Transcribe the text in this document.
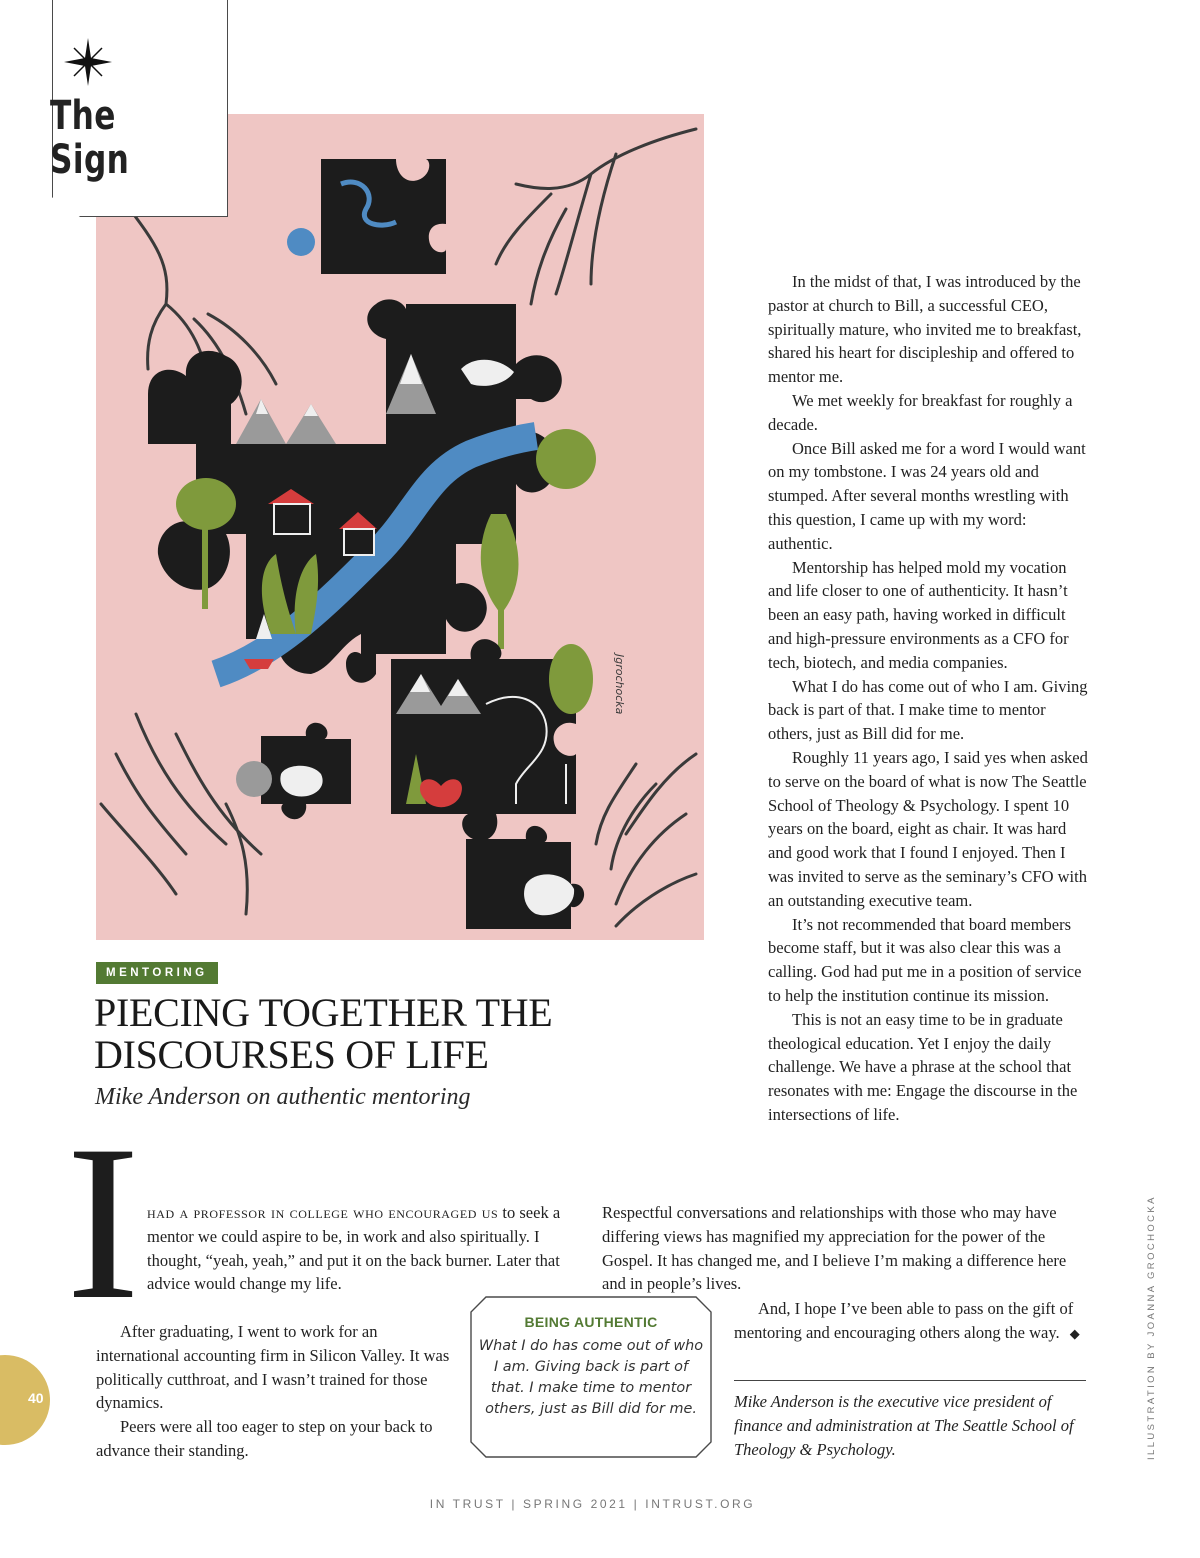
Jgrochocka
The Sign
MENTORING
PIECING TOGETHER THE
DISCOURSES OF LIFE
Mike Anderson on authentic mentoring
I had a professor in college who encouraged us to seek a mentor we could aspire to be, in work and also spiritually. I thought, “yeah, yeah,” and put it on the back burner. Later that advice would change my life.

After graduating, I went to work for an international accounting firm in Silicon Valley. It was politically cutthroat, and I wasn’t trained for those dynamics.

Peers were all too eager to step on your back to advance their standing.

In the midst of that, I was introduced by the pastor at church to Bill, a successful CEO, spiritually mature, who invited me to breakfast, shared his heart for discipleship and offered to mentor me.

We met weekly for breakfast for roughly a decade.

Once Bill asked me for a word I would want on my tombstone. I was 24 years old and stumped. After several months wrestling with this question, I came up with my word: authentic.

Mentorship has helped mold my vocation and life closer to one of authenticity. It hasn’t been an easy path, having worked in difficult and high-pressure environments as a CFO for tech, biotech, and media companies.

What I do has come out of who I am. Giving back is part of that. I make time to mentor others, just as Bill did for me.

Roughly 11 years ago, I said yes when asked to serve on the board of what is now The Seattle School of Theology & Psychology. I spent 10 years on the board, eight as chair. It was hard and good work that I found I enjoyed. Then I was invited to serve as the seminary’s CFO with an outstanding executive team.

It’s not recommended that board members become staff, but it was also clear this was a calling. God had put me in a position of service to help the institution continue its mission.

This is not an easy time to be in graduate theological education. Yet I enjoy the daily challenge. We have a phrase at the school that resonates with me: Engage the discourse in the intersections of life.

Respectful conversations and relationships with those who may have differing views has magnified my appreciation for the power of the Gospel. It has changed me, and I believe I’m making a difference here and in people’s lives.

And, I hope I’ve been able to pass on the gift of mentoring and encouraging others along the way. ◆

BEING AUTHENTIC
What I do has come out of who I am. Giving back is part of that. I make time to mentor others, just as Bill did for me.	Mike Anderson is the executive vice president of finance and administration at The Seattle School of Theology & Psychology.
40	ILLUSTRATION BY JOANNA GROCHOCKA
IN TRUST | SPRING 2021 | INTRUST.ORG
